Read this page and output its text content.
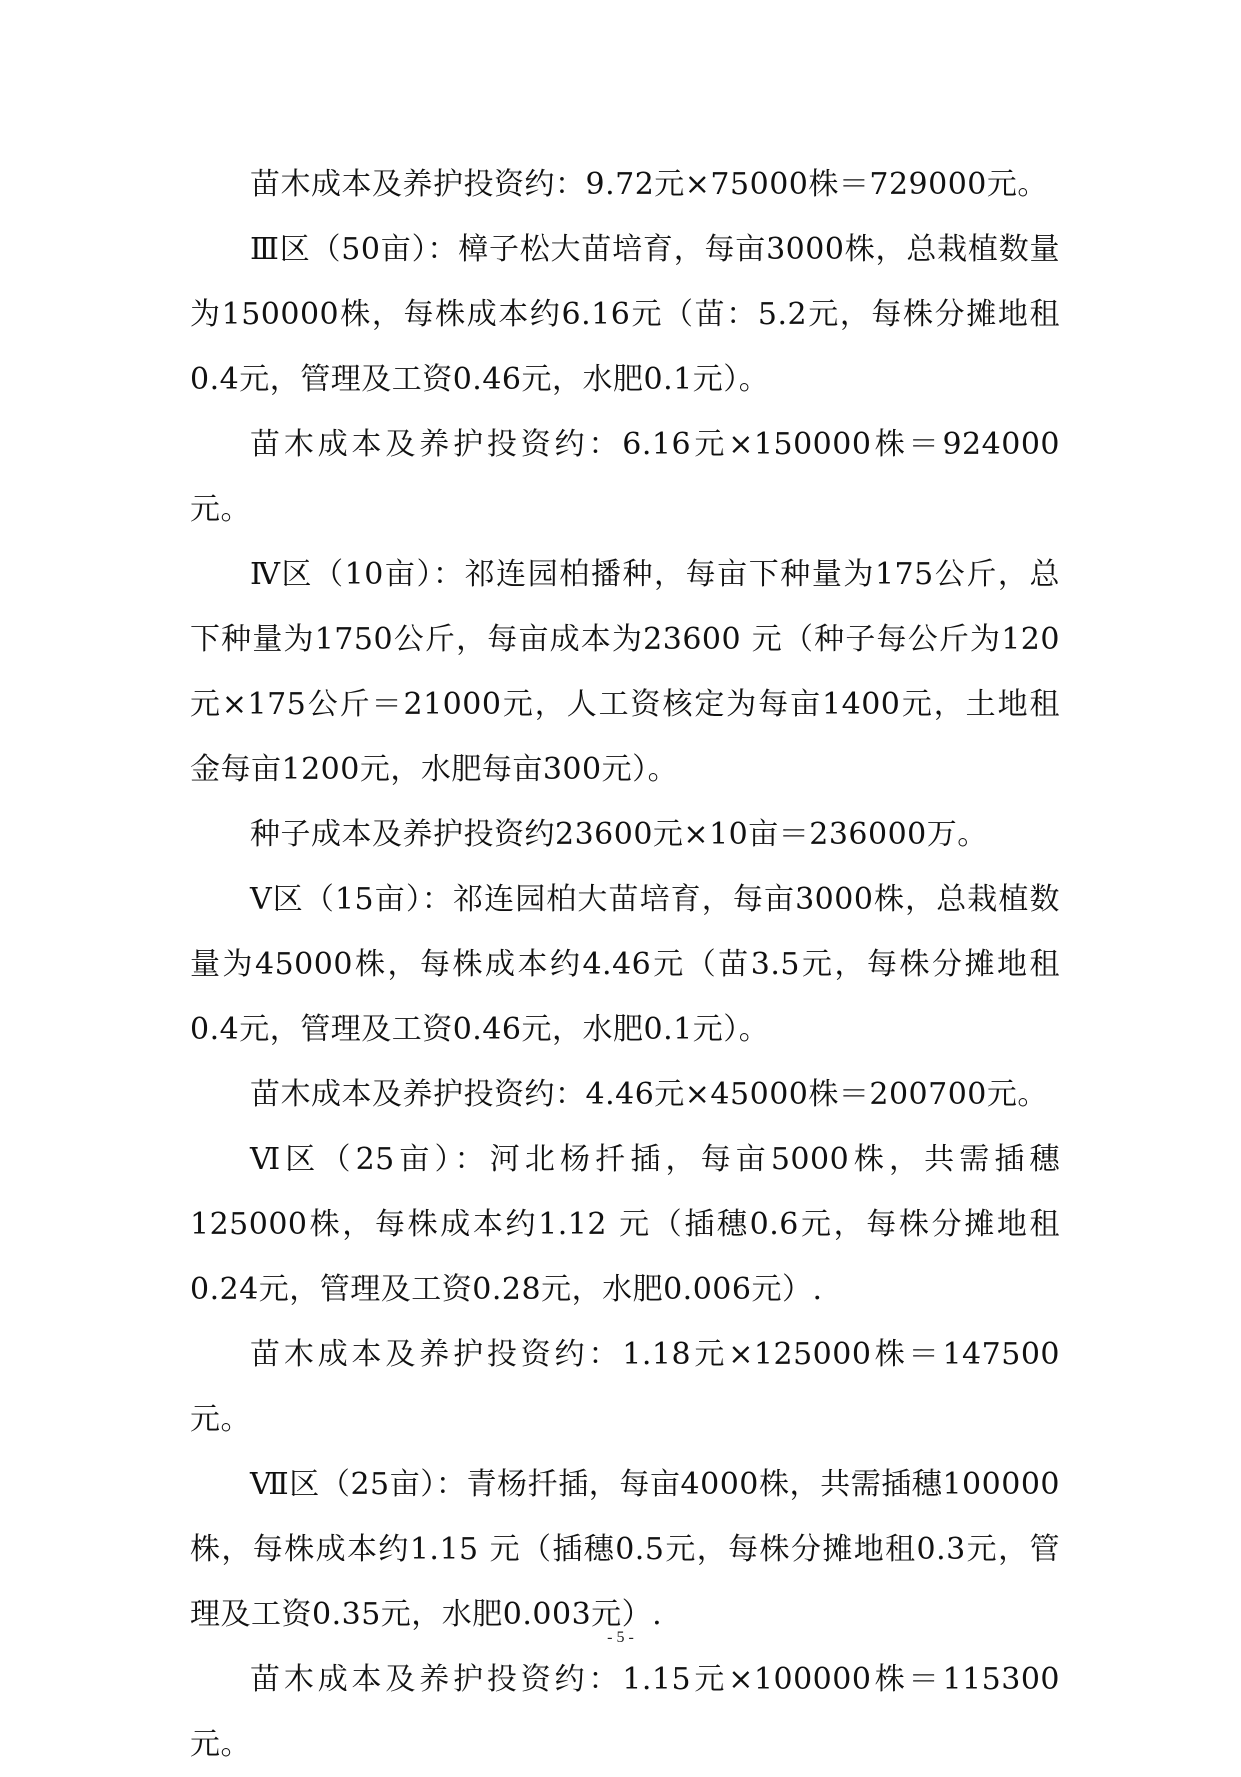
苗木成本及养护投资约：9.72元×75000株＝729000元。

Ⅲ区（50亩）：樟子松大苗培育，每亩3000株，总栽植数量为150000株，每株成本约6.16元（苗：5.2元，每株分摊地租0.4元，管理及工资0.46元，水肥0.1元）。

苗木成本及养护投资约：6.16元×150000株＝924000元。

Ⅳ区（10亩）：祁连园柏播种，每亩下种量为175公斤，总下种量为1750公斤，每亩成本为23600 元（种子每公斤为120元×175公斤＝21000元，人工资核定为每亩1400元，土地租金每亩1200元，水肥每亩300元）。

种子成本及养护投资约23600元×10亩＝236000万。

Ⅴ区（15亩）：祁连园柏大苗培育，每亩3000株，总栽植数量为45000株，每株成本约4.46元（苗3.5元，每株分摊地租0.4元，管理及工资0.46元，水肥0.1元）。

苗木成本及养护投资约：4.46元×45000株＝200700元。

Ⅵ区（25亩）：河北杨扦插，每亩5000株，共需插穗125000株，每株成本约1.12 元（插穗0.6元，每株分摊地租0.24元，管理及工资0.28元，水肥0.006元）.

苗木成本及养护投资约：1.18元×125000株＝147500元。

Ⅶ区（25亩）：青杨扦插，每亩4000株，共需插穗100000株，每株成本约1.15 元（插穗0.5元，每株分摊地租0.3元，管理及工资0.35元，水肥0.003元）.

苗木成本及养护投资约：1.15元×100000株＝115300元。

- 5 -
